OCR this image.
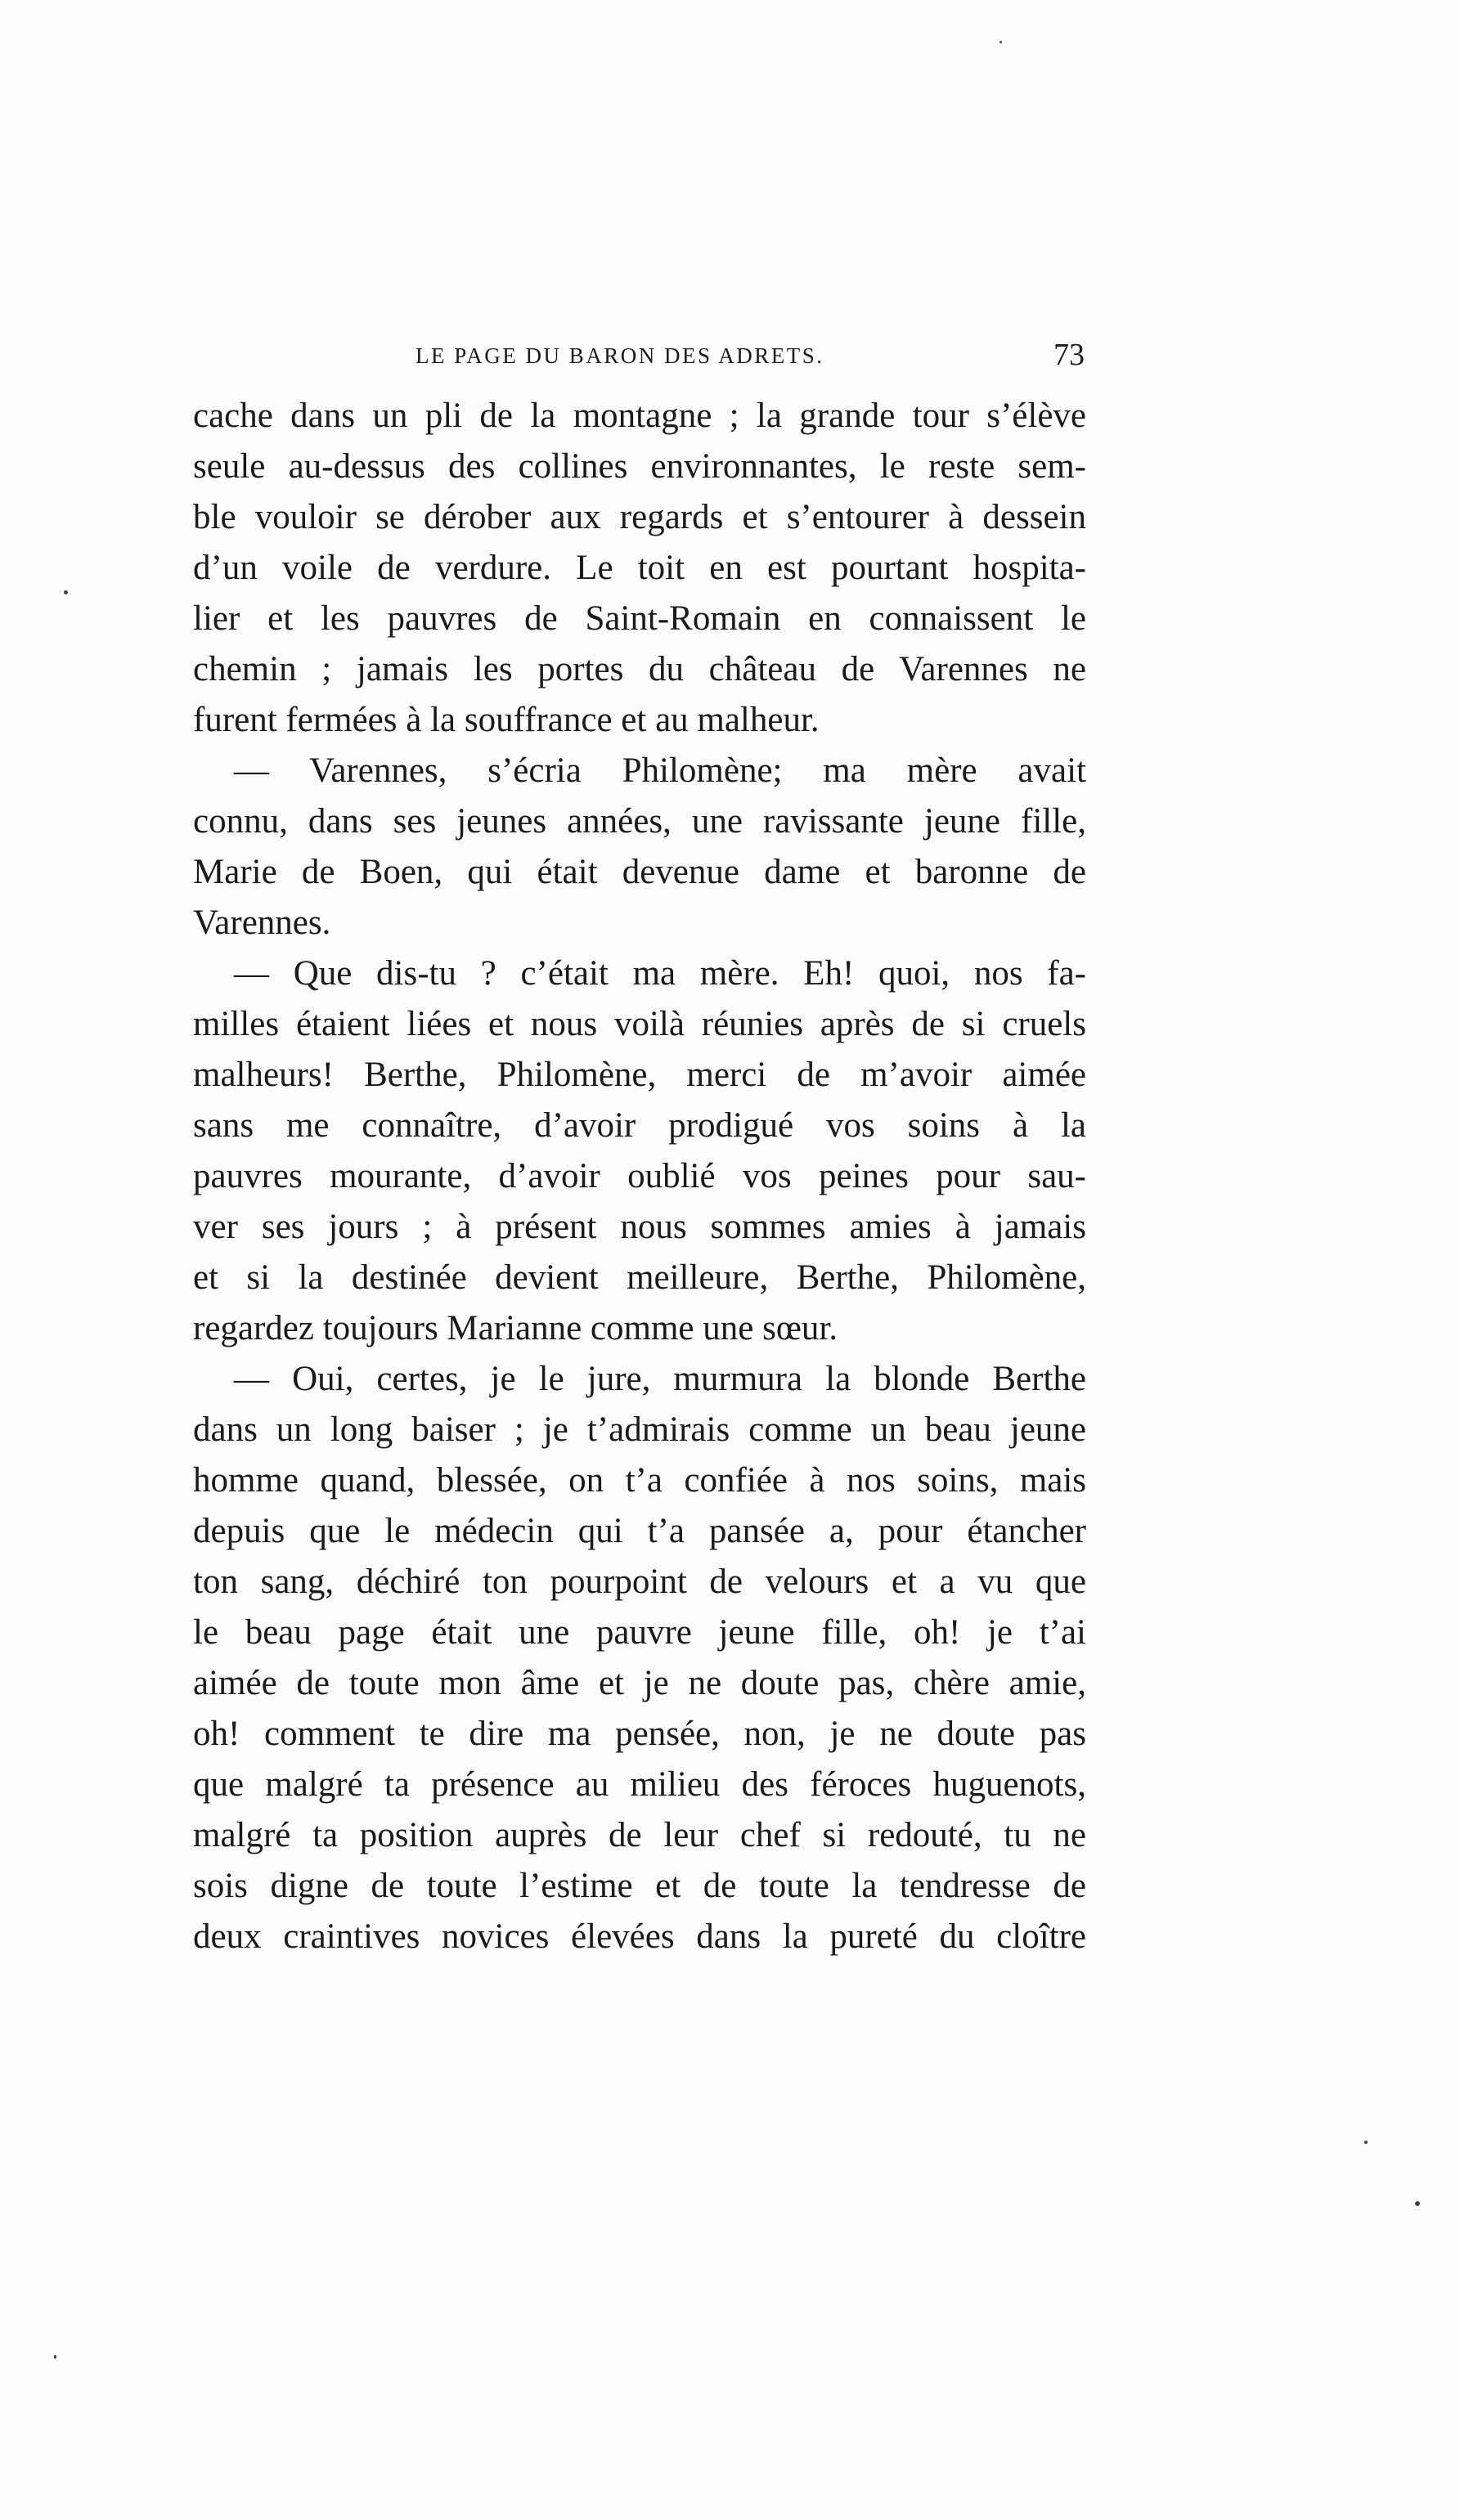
LE PAGE DU BARON DES ADRETS.	73
cache dans un pli de la montagne ; la grande tour s’élève
seule au-dessus des collines environnantes, le reste sem-
ble vouloir se dérober aux regards et s’entourer à dessein
d’un voile de verdure. Le toit en est pourtant hospita-
lier et les pauvres de Saint-Romain en connaissent le
chemin ; jamais les portes du château de Varennes ne
furent fermées à la souffrance et au malheur.
— Varennes, s’écria Philomène; ma mère avait
connu, dans ses jeunes années, une ravissante jeune fille,
Marie de Boen, qui était devenue dame et baronne de
Varennes.
— Que dis-tu ? c’était ma mère. Eh! quoi, nos fa-
milles étaient liées et nous voilà réunies après de si cruels
malheurs! Berthe, Philomène, merci de m’avoir aimée
sans me connaître, d’avoir prodigué vos soins à la
pauvres mourante, d’avoir oublié vos peines pour sau-
ver ses jours ; à présent nous sommes amies à jamais
et si la destinée devient meilleure, Berthe, Philomène,
regardez toujours Marianne comme une sœur.
— Oui, certes, je le jure, murmura la blonde Berthe
dans un long baiser ; je t’admirais comme un beau jeune
homme quand, blessée, on t’a confiée à nos soins, mais
depuis que le médecin qui t’a pansée a, pour étancher
ton sang, déchiré ton pourpoint de velours et a vu que
le beau page était une pauvre jeune fille, oh! je t’ai
aimée de toute mon âme et je ne doute pas, chère amie,
oh! comment te dire ma pensée, non, je ne doute pas
que malgré ta présence au milieu des féroces huguenots,
malgré ta position auprès de leur chef si redouté, tu ne
sois digne de toute l’estime et de toute la tendresse de
deux craintives novices élevées dans la pureté du cloître
